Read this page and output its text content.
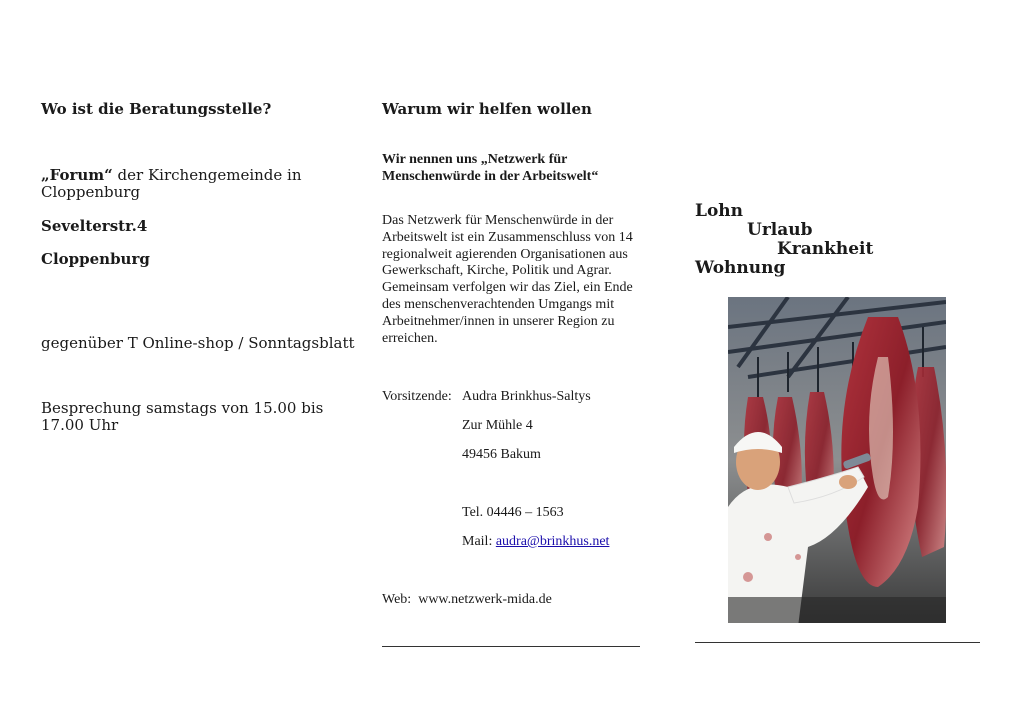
Wo ist die Beratungsstelle?
„Forum“ der Kirchengemeinde in Cloppenburg
Sevelterstr.4
Cloppenburg
gegenüber T Online-shop / Sonntagsblatt
Besprechung samstags von 15.00 bis 17.00 Uhr
Warum wir helfen wollen
Wir nennen uns „Netzwerk für Menschenwürde in der Arbeitswelt“
Das Netzwerk für Menschenwürde in der Arbeitswelt ist ein Zusammenschluss von 14 regionalweit agierenden Organisationen aus Gewerkschaft, Kirche, Politik und Agrar. Gemeinsam verfolgen wir das Ziel, ein Ende des menschenverachtenden Umgangs mit Arbeitnehmer/innen in unserer Region zu erreichen.
Vorsitzende: Audra Brinkhus-Saltys
Zur Mühle 4
49456 Bakum
Tel. 04446 – 1563
Mail: audra@brinkhus.net
Web: www.netzwerk-mida.de
Lohn
Urlaub
Krankheit
Wohnung
